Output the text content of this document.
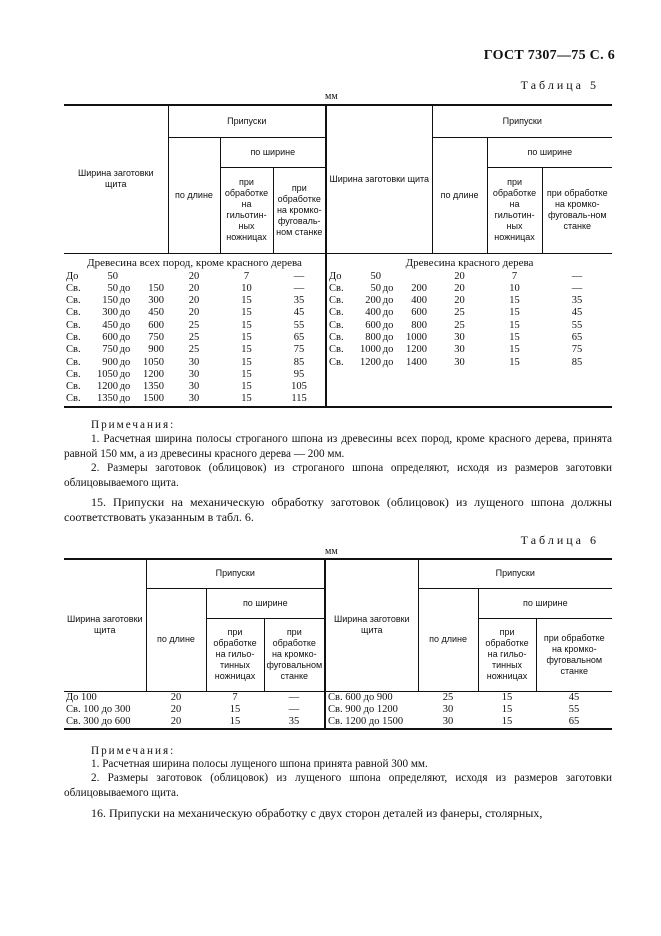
ГОСТ 7307—75 С. 6
Таблица 5
мм
Ширина заготовки щита	Припуски			Ширина заготовки щита	Припуски		
	по длине	по ширине			по длине	по ширине	
		при обработке на гильотин-ных ножницах	при обработке на кромко-фуговаль-ном станке			при обработке на гильотин-ных ножницах	при обработке на кромко-фуговаль-ном станке
Древесина всех пород, кроме красного дерева				Древесина красного дерева			
До 50	20	7	—	До 50	20	7	—
Св. 50 до 150	20	10	—	Св. 50 до 200	20	10	—
Св. 150 до 300	20	15	35	Св. 200 до 400	20	15	35
Св. 300 до 450	20	15	45	Св. 400 до 600	25	15	45
Св. 450 до 600	25	15	55	Св. 600 до 800	25	15	55
Св. 600 до 750	25	15	65	Св. 800 до 1000	30	15	65
Св. 750 до 900	25	15	75	Св. 1000 до 1200	30	15	75
Св. 900 до 1050	30	15	85	Св. 1200 до 1400	30	15	85
Св. 1050 до 1200	30	15	95				
Св. 1200 до 1350	30	15	105				
Св. 1350 до 1500	30	15	115				
Примечания:
1. Расчетная ширина полосы строганого шпона из древесины всех пород, кроме красного дерева, принята равной 150 мм, а из древесины красного дерева — 200 мм.
2. Размеры заготовок (облицовок) из строганого шпона определяют, исходя из размеров заготовки облицовываемого щита.
15. Припуски на механическую обработку заготовок (облицовок) из лущеного шпона должны соответствовать указанным в табл. 6.
Таблица 6
мм
Ширина заготовки щита	Припуски			Ширина заготовки щита	Припуски		
	по длине	по ширине			по длине	по ширине	
		при обработке на гильо-тинных ножницах	при обработке на кромко-фуговальном станке			при обработке на гильо-тинных ножницах	при обработке на кромко-фуговальном станке
До 100	20	7	—	Св. 600 до 900	25	15	45
Св. 100 до 300	20	15	—	Св. 900 до 1200	30	15	55
Св. 300 до 600	20	15	35	Св. 1200 до 1500	30	15	65
Примечания:
1. Расчетная ширина полосы лущеного шпона принята равной 300 мм.
2. Размеры заготовок (облицовок) из лущеного шпона определяют, исходя из размеров заготовки облицовываемого щита.
16. Припуски на механическую обработку с двух сторон деталей из фанеры, столярных,
